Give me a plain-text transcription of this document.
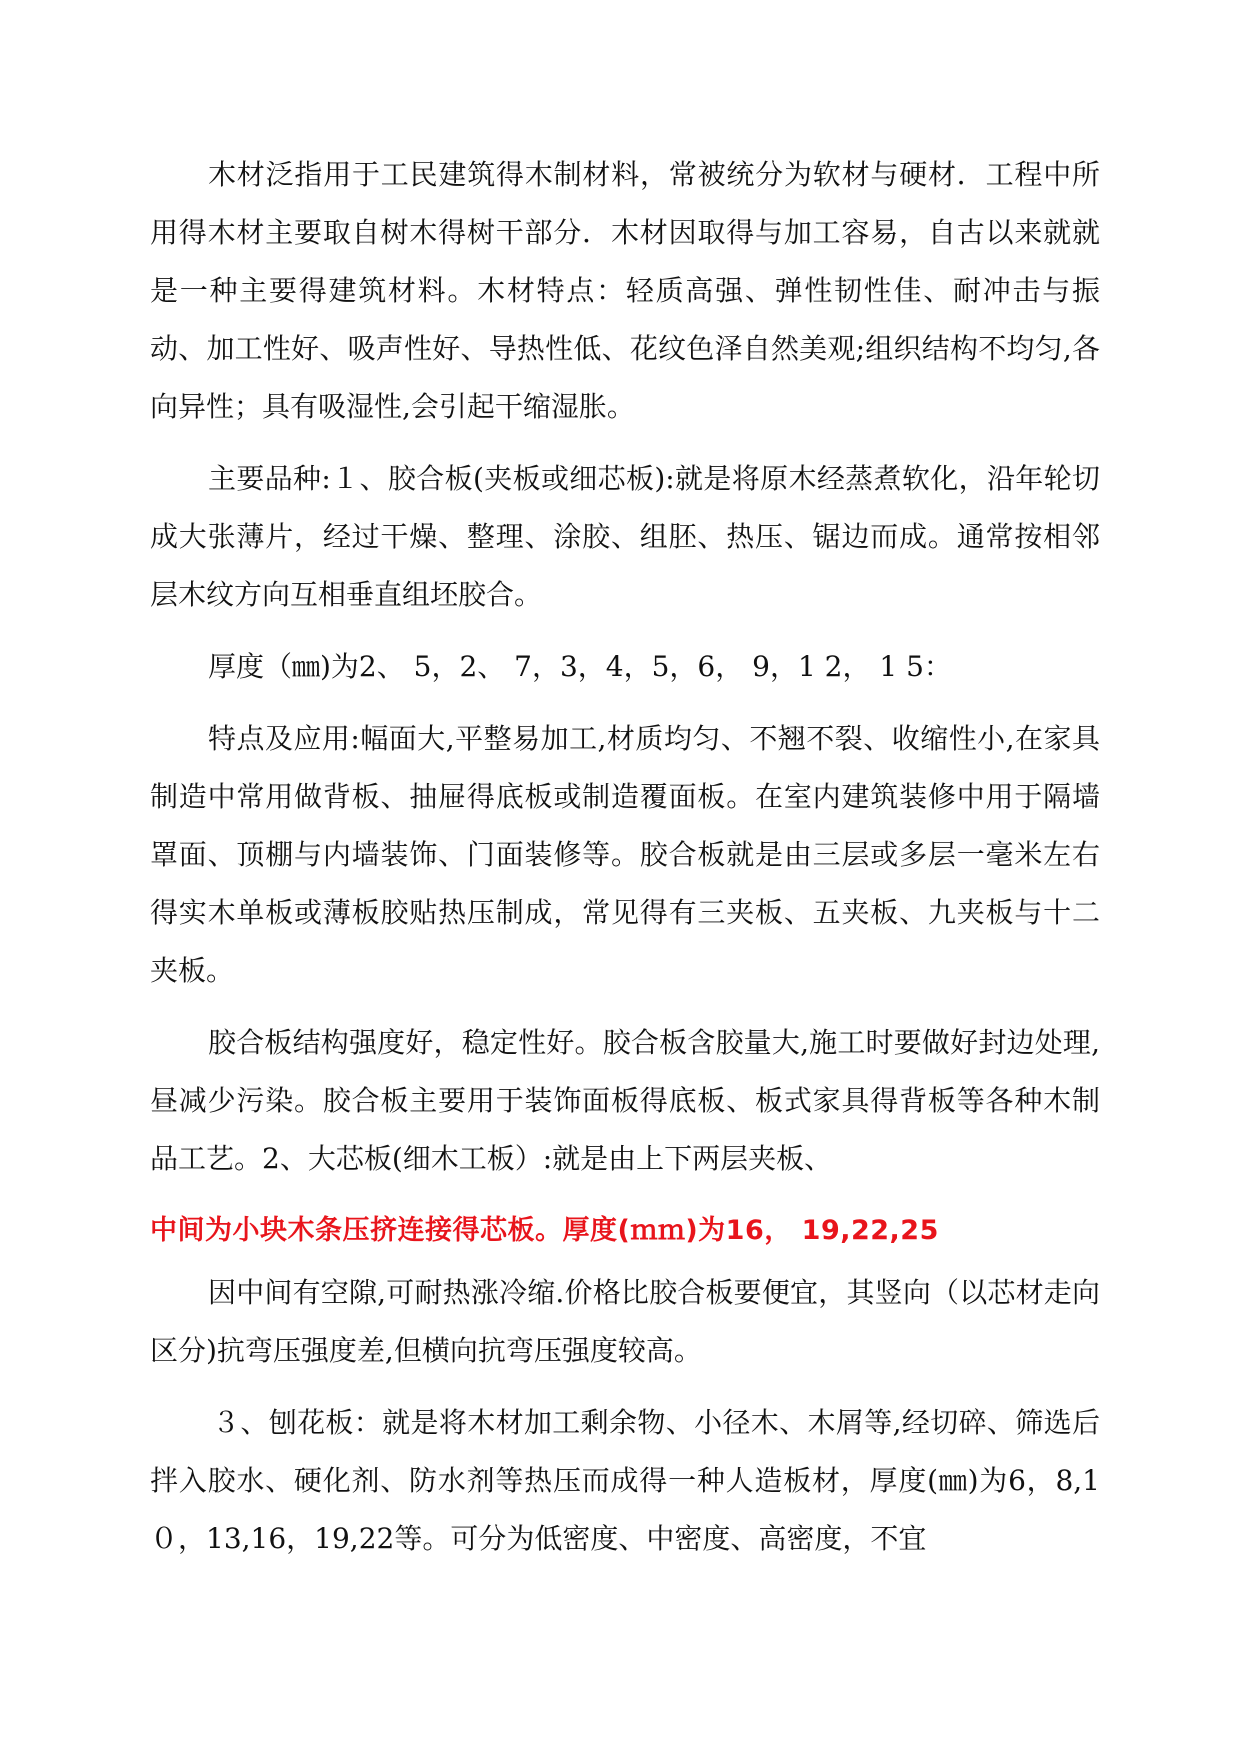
木材泛指用于工民建筑得木制材料，常被统分为软材与硬材．工程中所用得木材主要取自树木得树干部分．木材因取得与加工容易，自古以来就就是一种主要得建筑材料。木材特点：轻质高强、弹性韧性佳、耐冲击与振动、加工性好、吸声性好、导热性低、花纹色泽自然美观;组织结构不均匀,各向异性；具有吸湿性,会引起干缩湿胀。

主要品种:１、胶合板(夹板或细芯板):就是将原木经蒸煮软化，沿年轮切成大张薄片，经过干燥、整理、涂胶、组胚、热压、锯边而成。通常按相邻层木纹方向互相垂直组坯胶合。

厚度（㎜)为2、 5，2、 7，3，4，5，6， 9，1 2， 1 5：

特点及应用:幅面大,平整易加工,材质均匀、不翘不裂、收缩性小,在家具制造中常用做背板、抽屉得底板或制造覆面板。在室内建筑装修中用于隔墙罩面、顶棚与内墙装饰、门面装修等。胶合板就是由三层或多层一毫米左右得实木单板或薄板胶贴热压制成，常见得有三夹板、五夹板、九夹板与十二夹板。

胶合板结构强度好，稳定性好。胶合板含胶量大,施工时要做好封边处理,昼减少污染。胶合板主要用于装饰面板得底板、板式家具得背板等各种木制品工艺。2、大芯板(细木工板）:就是由上下两层夹板、

中间为小块木条压挤连接得芯板。厚度(ｍｍ)为16， 19,22,25

因中间有空隙,可耐热涨冷缩.价格比胶合板要便宜，其竖向（以芯材走向区分)抗弯压强度差,但横向抗弯压强度较高。

３、刨花板：就是将木材加工剩余物、小径木、木屑等,经切碎、筛选后拌入胶水、硬化剂、防水剂等热压而成得一种人造板材，厚度(㎜)为6，8,1０，13,16，19,22等。可分为低密度、中密度、高密度，不宜
